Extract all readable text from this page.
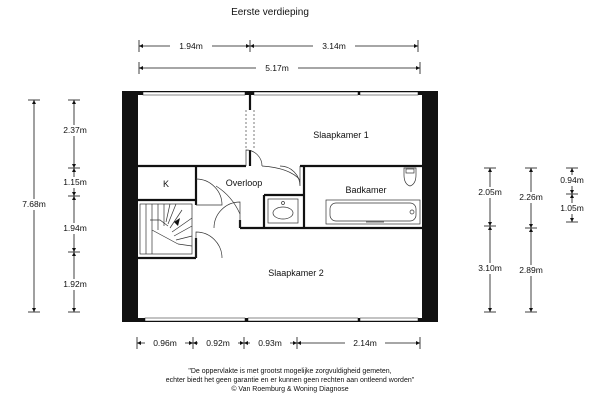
Eerste verdieping
1.94m	3.14m
5.17m
7.68m
2.37m
1.15m
1.94m
1.92m
2.05m
3.10m
2.26m
2.89m
0.94m
1.05m
0.96m	0.92m	0.93m	2.14m
Slaapkamer 1
K	Overloop
Badkamer
Slaapkamer 2
"De oppervlakte is met grootst mogelijke zorgvuldigheid gemeten,
echter biedt het geen garantie en er kunnen geen rechten aan ontleend worden"
© Van Roemburg & Woning Diagnose
